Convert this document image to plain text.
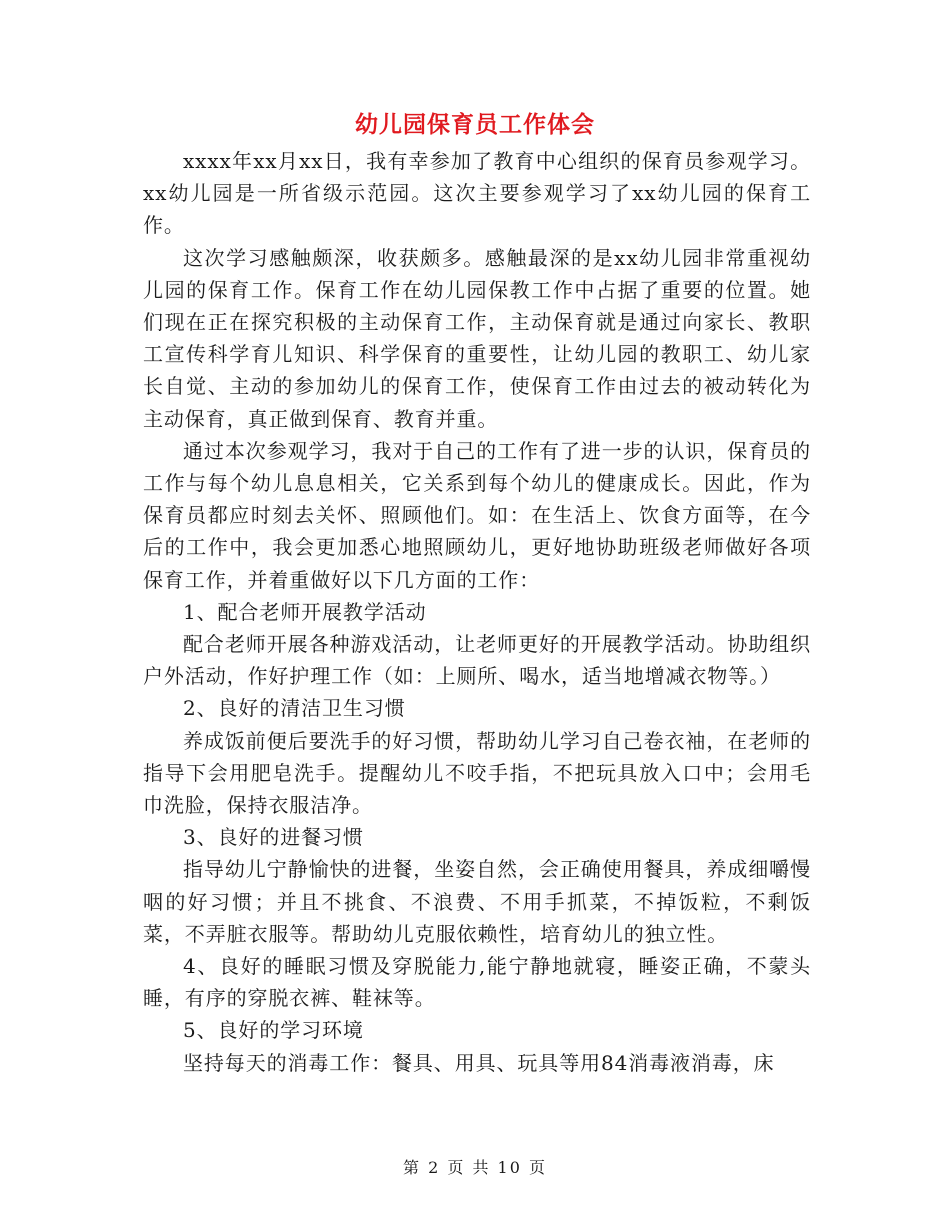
幼儿园保育员工作体会

xxxx年xx月xx日，我有幸参加了教育中心组织的保育员参观学习。xx幼儿园是一所省级示范园。这次主要参观学习了xx幼儿园的保育工作。

这次学习感触颇深，收获颇多。感触最深的是xx幼儿园非常重视幼儿园的保育工作。保育工作在幼儿园保教工作中占据了重要的位置。她们现在正在探究积极的主动保育工作，主动保育就是通过向家长、教职工宣传科学育儿知识、科学保育的重要性，让幼儿园的教职工、幼儿家长自觉、主动的参加幼儿的保育工作，使保育工作由过去的被动转化为主动保育，真正做到保育、教育并重。

通过本次参观学习，我对于自己的工作有了进一步的认识，保育员的工作与每个幼儿息息相关，它关系到每个幼儿的健康成长。因此，作为保育员都应时刻去关怀、照顾他们。如：在生活上、饮食方面等，在今后的工作中，我会更加悉心地照顾幼儿，更好地协助班级老师做好各项保育工作，并着重做好以下几方面的工作：

1、配合老师开展教学活动

配合老师开展各种游戏活动，让老师更好的开展教学活动。协助组织户外活动，作好护理工作（如：上厕所、喝水，适当地增减衣物等。）

2、良好的清洁卫生习惯

养成饭前便后要洗手的好习惯，帮助幼儿学习自己卷衣袖，在老师的指导下会用肥皂洗手。提醒幼儿不咬手指，不把玩具放入口中；会用毛巾洗脸，保持衣服洁净。

3、良好的进餐习惯

指导幼儿宁静愉快的进餐，坐姿自然，会正确使用餐具，养成细嚼慢咽的好习惯；并且不挑食、不浪费、不用手抓菜，不掉饭粒，不剩饭菜，不弄脏衣服等。帮助幼儿克服依赖性，培育幼儿的独立性。

4、良好的睡眠习惯及穿脱能力,能宁静地就寝，睡姿正确，不蒙头睡，有序的穿脱衣裤、鞋袜等。

5、良好的学习环境

坚持每天的消毒工作：餐具、用具、玩具等用84消毒液消毒，床

第 2 页 共 10 页
